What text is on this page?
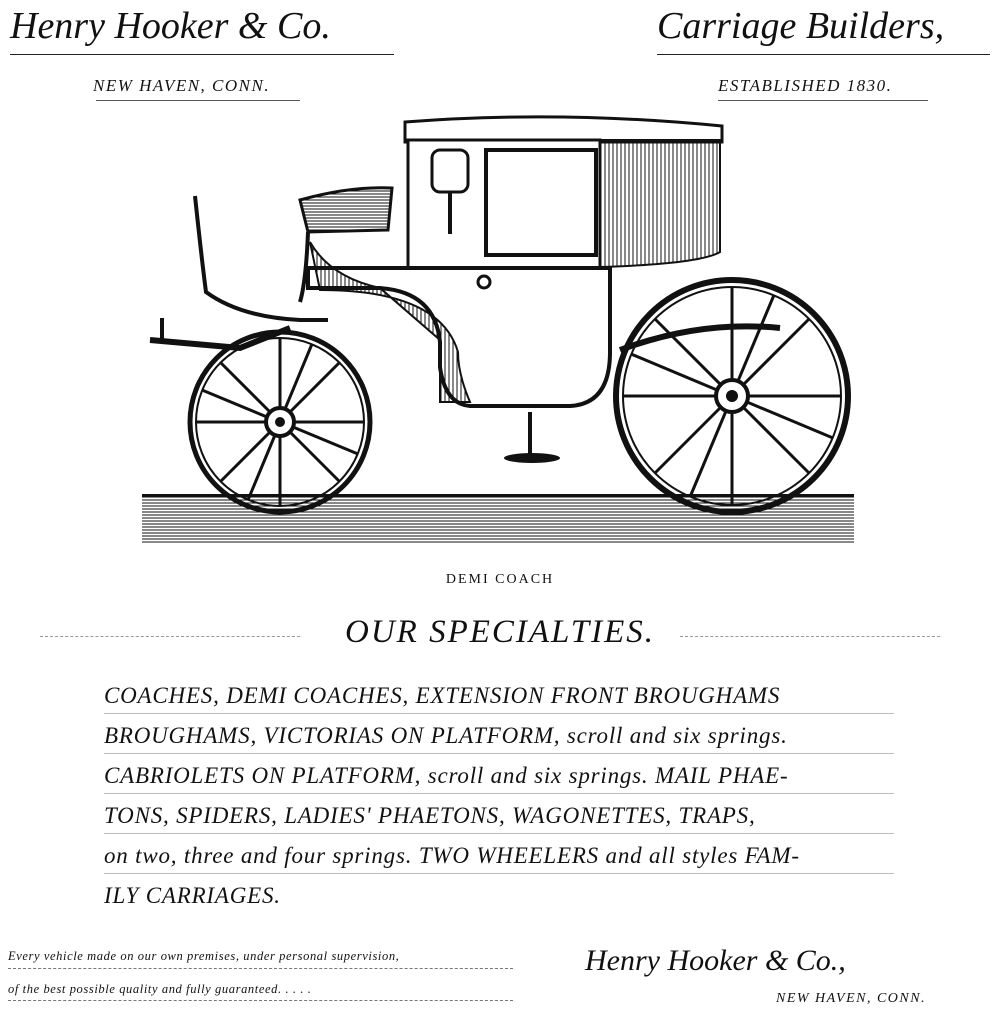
Henry Hooker & Co.	Carriage Builders,
NEW HAVEN, CONN.	ESTABLISHED 1830.
DEMI COACH
OUR SPECIALTIES.
COACHES, DEMI COACHES, EXTENSION FRONT BROUGHAMS
BROUGHAMS, VICTORIAS ON PLATFORM, scroll and six springs.
CABRIOLETS ON PLATFORM, scroll and six springs. MAIL PHAE-
TONS, SPIDERS, LADIES' PHAETONS, WAGONETTES, TRAPS,
on two, three and four springs. TWO WHEELERS and all styles FAM-
ILY CARRIAGES.
Every vehicle made on our own premises, under personal supervision,
of the best possible quality and fully guaranteed. . . . .
Henry Hooker & Co.,
NEW HAVEN, CONN.
